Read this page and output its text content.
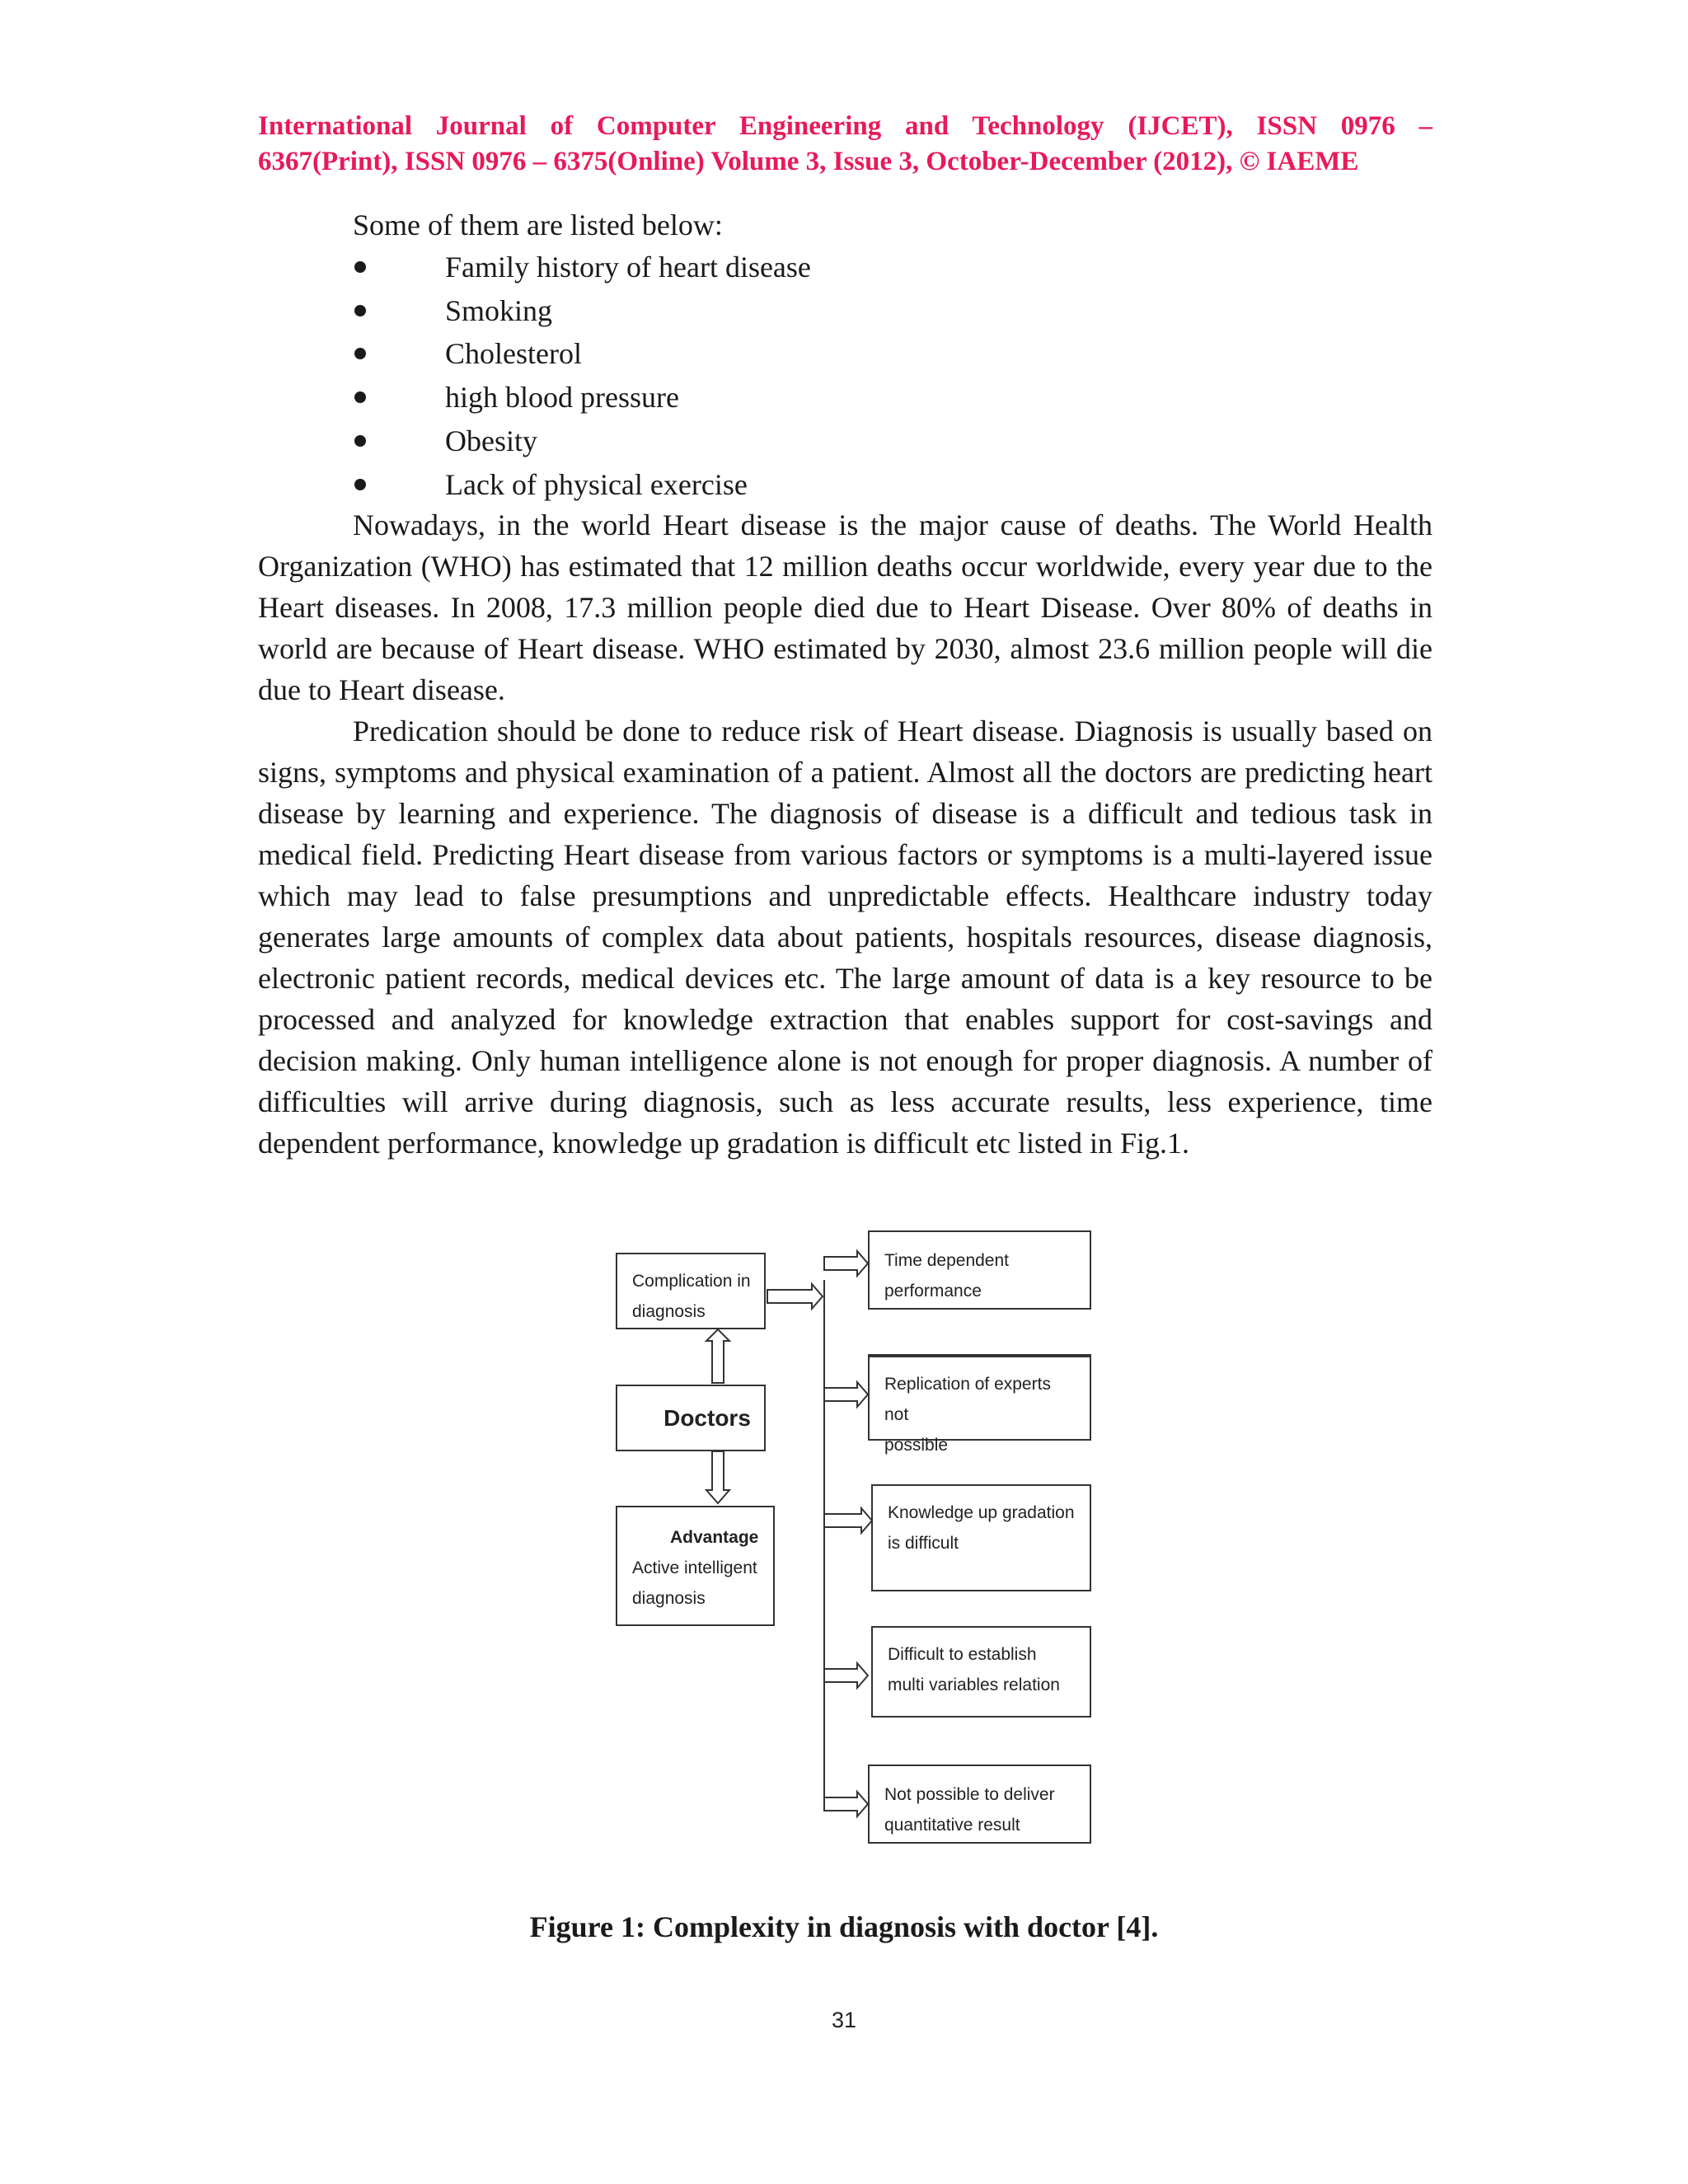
International Journal of Computer Engineering and Technology (IJCET), ISSN 0976 –
6367(Print), ISSN 0976 – 6375(Online) Volume 3, Issue 3, October-December (2012), © IAEME
Some of them are listed below:
Family history of heart disease
Smoking
Cholesterol
high blood pressure
Obesity
Lack of physical exercise

Nowadays, in the world Heart disease is the major cause of deaths. The World Health Organization (WHO) has estimated that 12 million deaths occur worldwide, every year due to the Heart diseases. In 2008, 17.3 million people died due to Heart Disease. Over 80% of deaths in world are because of Heart disease. WHO estimated by 2030, almost 23.6 million people will die due to Heart disease.

Predication should be done to reduce risk of Heart disease. Diagnosis is usually based on signs, symptoms and physical examination of a patient. Almost all the doctors are predicting heart disease by learning and experience. The diagnosis of disease is a difficult and tedious task in medical field. Predicting Heart disease from various factors or symptoms is a multi-layered issue which may lead to false presumptions and unpredictable effects. Healthcare industry today generates large amounts of complex data about patients, hospitals resources, disease diagnosis, electronic patient records, medical devices etc. The large amount of data is a key resource to be processed and analyzed for knowledge extraction that enables support for cost-savings and decision making. Only human intelligence alone is not enough for proper diagnosis. A number of difficulties will arrive during diagnosis, such as less accurate results, less experience, time dependent performance, knowledge up gradation is difficult etc listed in Fig.1.

Complication in
diagnosis
Doctors
Advantage
Active intelligent
diagnosis
Time dependent
performance
Replication of experts not
possible
Knowledge up gradation
is difficult
Difficult to establish
multi variables relation
Not possible to deliver
quantitative result
Figure 1: Complexity in diagnosis with doctor [4].
31
